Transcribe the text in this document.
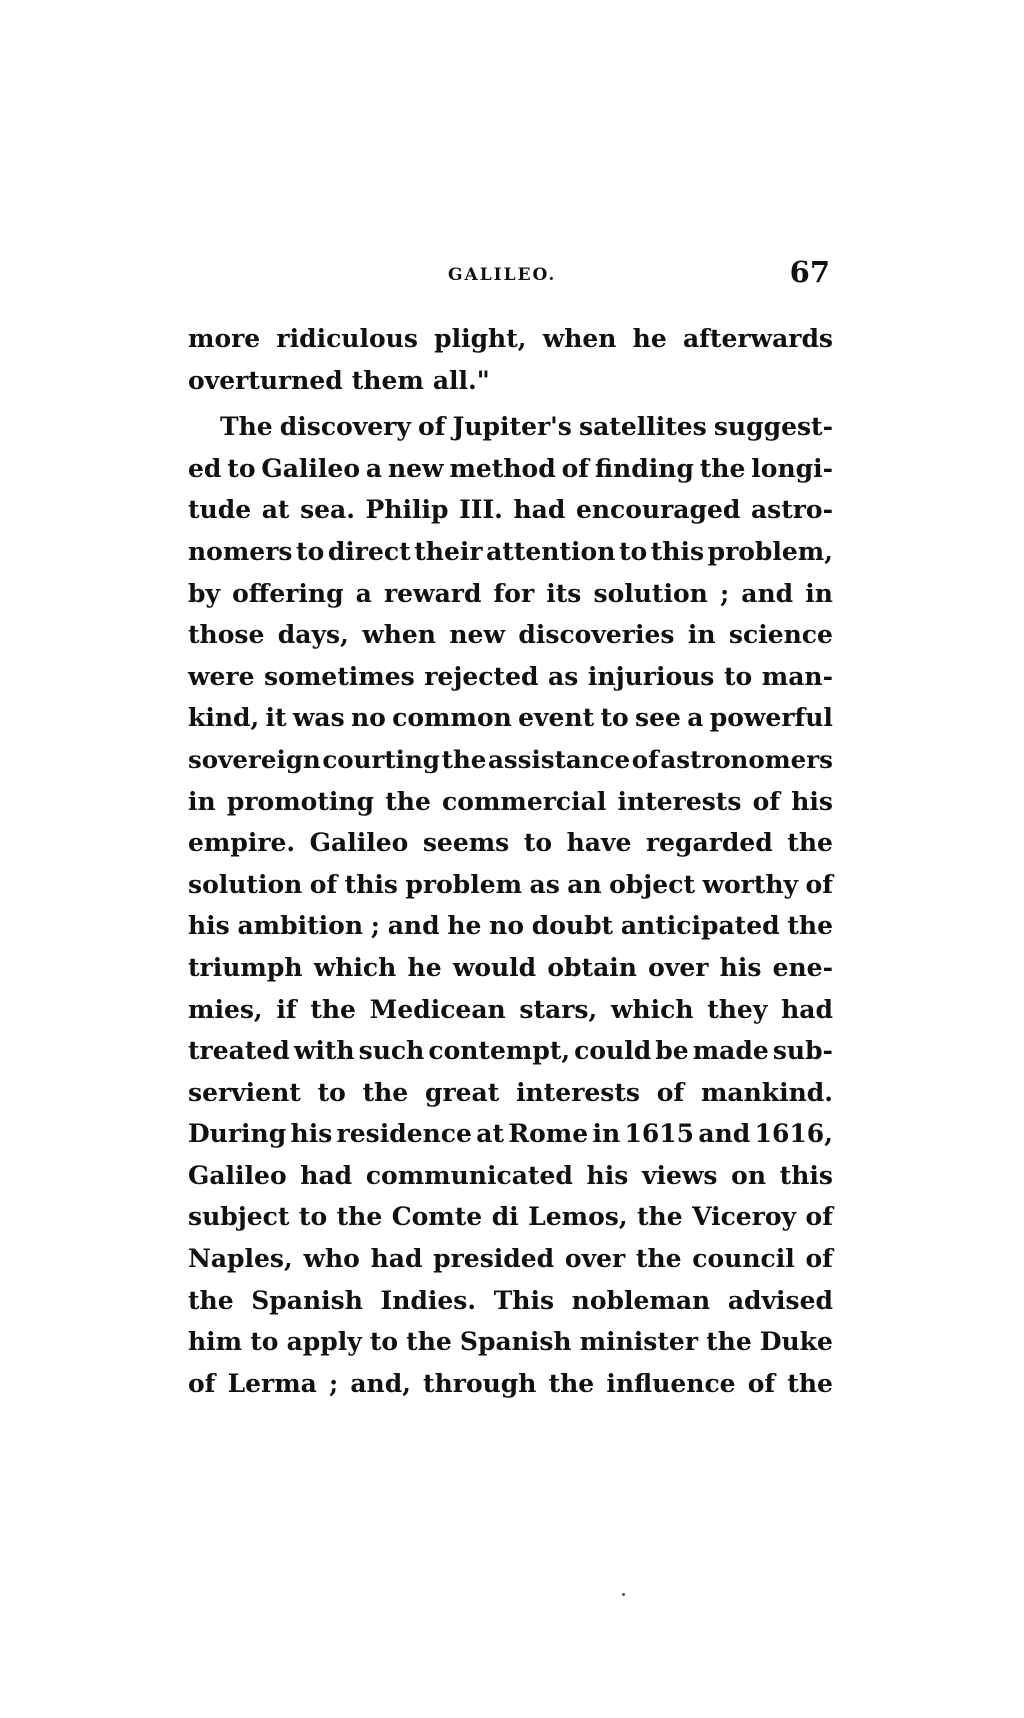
GALILEO.	67
more ridiculous plight, when he afterwards
overturned them all."
The discovery of Jupiter's satellites suggest-
ed to Galileo a new method of finding the longi-
tude at sea. Philip III. had encouraged astro-
nomers to direct their attention to this problem,
by offering a reward for its solution ; and in
those days, when new discoveries in science
were sometimes rejected as injurious to man-
kind, it was no common event to see a powerful
sovereign courting the assistance of astronomers
in promoting the commercial interests of his
empire. Galileo seems to have regarded the
solution of this problem as an object worthy of
his ambition ; and he no doubt anticipated the
triumph which he would obtain over his ene-
mies, if the Medicean stars, which they had
treated with such contempt, could be made sub-
servient to the great interests of mankind.
During his residence at Rome in 1615 and 1616,
Galileo had communicated his views on this
subject to the Comte di Lemos, the Viceroy of
Naples, who had presided over the council of
the Spanish Indies. This nobleman advised
him to apply to the Spanish minister the Duke
of Lerma ; and, through the influence of the
